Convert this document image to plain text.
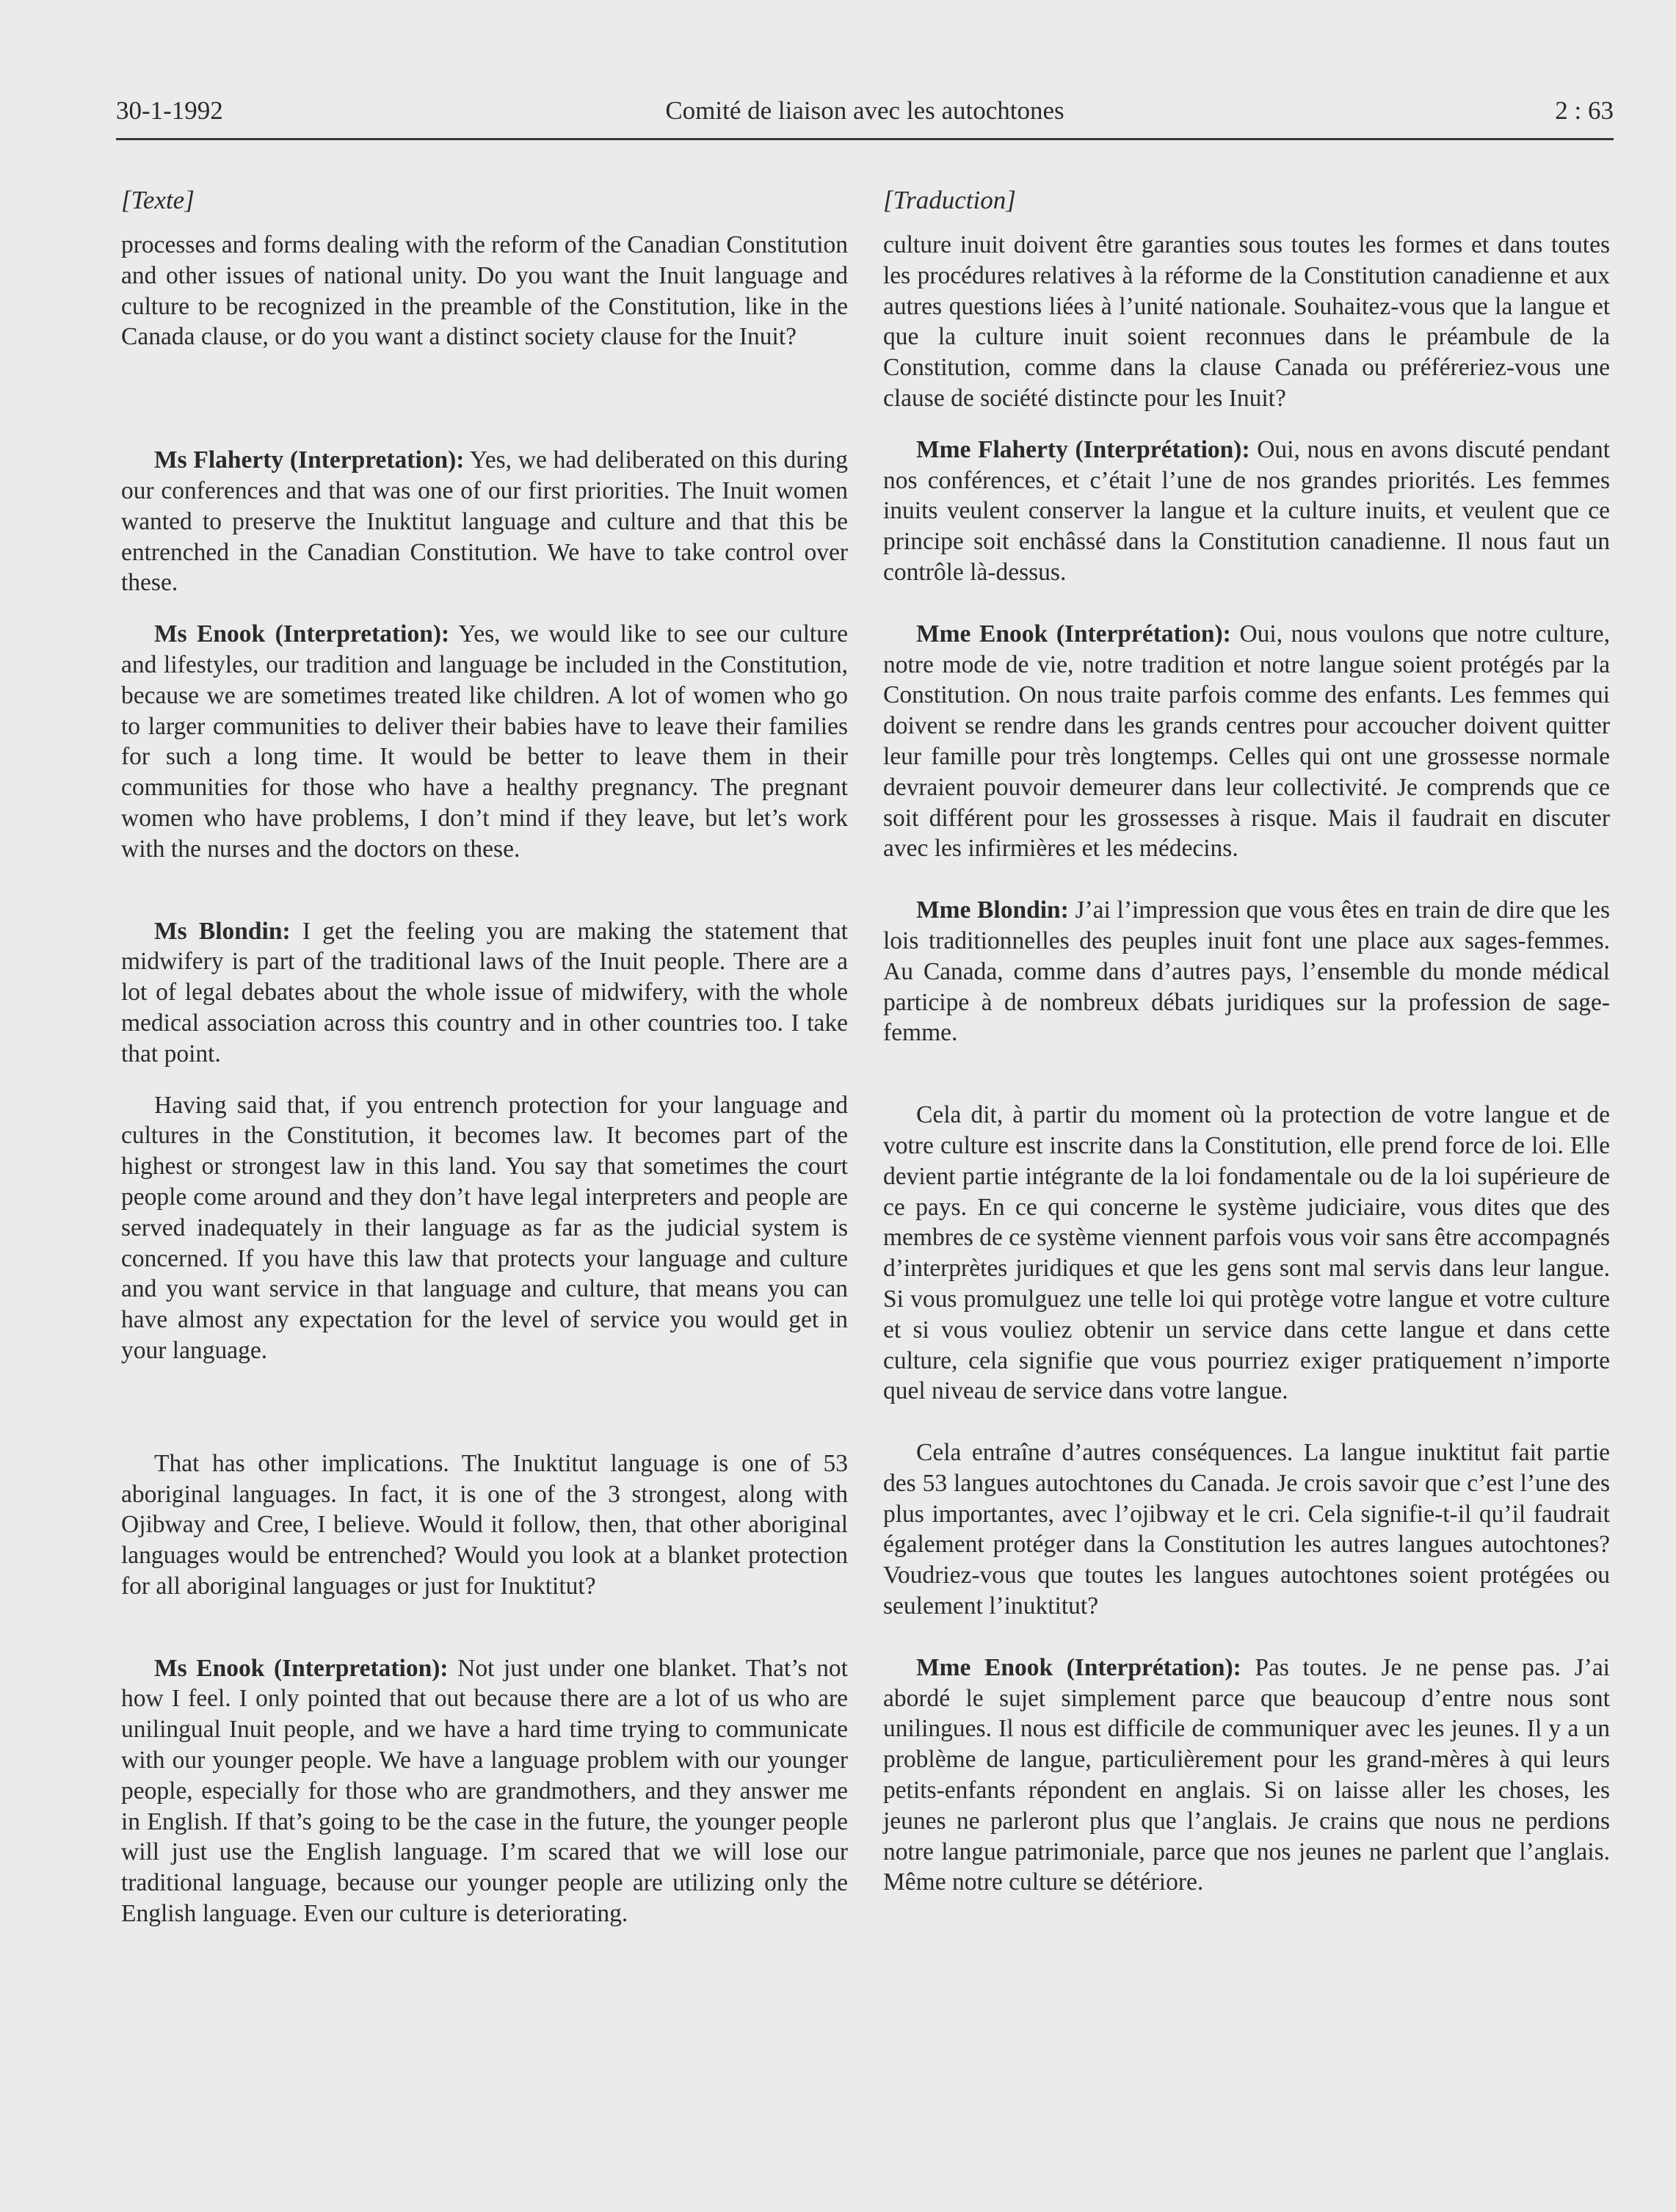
30-1-1992	Comité de liaison avec les autochtones	2 : 63
[Texte]

processes and forms dealing with the reform of the Canadian Constitution and other issues of national unity. Do you want the Inuit language and culture to be recognized in the preamble of the Constitution, like in the Canada clause, or do you want a distinct society clause for the Inuit?

Ms Flaherty (Interpretation): Yes, we had deliberated on this during our conferences and that was one of our first priorities. The Inuit women wanted to preserve the Inuktitut language and culture and that this be entrenched in the Canadian Constitution. We have to take control over these.

Ms Enook (Interpretation): Yes, we would like to see our culture and lifestyles, our tradition and language be included in the Constitution, because we are sometimes treated like children. A lot of women who go to larger communities to deliver their babies have to leave their families for such a long time. It would be better to leave them in their communities for those who have a healthy pregnancy. The pregnant women who have problems, I don’t mind if they leave, but let’s work with the nurses and the doctors on these.

Ms Blondin: I get the feeling you are making the statement that midwifery is part of the traditional laws of the Inuit people. There are a lot of legal debates about the whole issue of midwifery, with the whole medical association across this country and in other countries too. I take that point.

Having said that, if you entrench protection for your language and cultures in the Constitution, it becomes law. It becomes part of the highest or strongest law in this land. You say that sometimes the court people come around and they don’t have legal interpreters and people are served inadequately in their language as far as the judicial system is concerned. If you have this law that protects your language and culture and you want service in that language and culture, that means you can have almost any expectation for the level of service you would get in your language.

That has other implications. The Inuktitut language is one of 53 aboriginal languages. In fact, it is one of the 3 strongest, along with Ojibway and Cree, I believe. Would it follow, then, that other aboriginal languages would be entrenched? Would you look at a blanket protection for all aboriginal languages or just for Inuktitut?

Ms Enook (Interpretation): Not just under one blanket. That’s not how I feel. I only pointed that out because there are a lot of us who are unilingual Inuit people, and we have a hard time trying to communicate with our younger people. We have a language problem with our younger people, especially for those who are grandmothers, and they answer me in English. If that’s going to be the case in the future, the younger people will just use the English language. I’m scared that we will lose our traditional language, because our younger people are utilizing only the English language. Even our culture is deteriorating.

[Traduction]

culture inuit doivent être garanties sous toutes les formes et dans toutes les procédures relatives à la réforme de la Constitution canadienne et aux autres questions liées à l’unité nationale. Souhaitez-vous que la langue et que la culture inuit soient reconnues dans le préambule de la Constitution, comme dans la clause Canada ou préféreriez-vous une clause de société distincte pour les Inuit?

Mme Flaherty (Interprétation): Oui, nous en avons discuté pendant nos conférences, et c’était l’une de nos grandes priorités. Les femmes inuits veulent conserver la langue et la culture inuits, et veulent que ce principe soit enchâssé dans la Constitution canadienne. Il nous faut un contrôle là-dessus.

Mme Enook (Interprétation): Oui, nous voulons que notre culture, notre mode de vie, notre tradition et notre langue soient protégés par la Constitution. On nous traite parfois comme des enfants. Les femmes qui doivent se rendre dans les grands centres pour accoucher doivent quitter leur famille pour très longtemps. Celles qui ont une grossesse normale devraient pouvoir demeurer dans leur collectivité. Je comprends que ce soit différent pour les grossesses à risque. Mais il faudrait en discuter avec les infirmières et les médecins.

Mme Blondin: J’ai l’impression que vous êtes en train de dire que les lois traditionnelles des peuples inuit font une place aux sages-femmes. Au Canada, comme dans d’autres pays, l’ensemble du monde médical participe à de nombreux débats juridiques sur la profession de sage-femme.

Cela dit, à partir du moment où la protection de votre langue et de votre culture est inscrite dans la Constitution, elle prend force de loi. Elle devient partie intégrante de la loi fondamentale ou de la loi supérieure de ce pays. En ce qui concerne le système judiciaire, vous dites que des membres de ce système viennent parfois vous voir sans être accompagnés d’interprètes juridiques et que les gens sont mal servis dans leur langue. Si vous promulguez une telle loi qui protège votre langue et votre culture et si vous vouliez obtenir un service dans cette langue et dans cette culture, cela signifie que vous pourriez exiger pratiquement n’importe quel niveau de service dans votre langue.

Cela entraîne d’autres conséquences. La langue inuktitut fait partie des 53 langues autochtones du Canada. Je crois savoir que c’est l’une des plus importantes, avec l’ojibway et le cri. Cela signifie-t-il qu’il faudrait également protéger dans la Constitution les autres langues autochtones? Voudriez-vous que toutes les langues autochtones soient protégées ou seulement l’inuktitut?

Mme Enook (Interprétation): Pas toutes. Je ne pense pas. J’ai abordé le sujet simplement parce que beaucoup d’entre nous sont unilingues. Il nous est difficile de communiquer avec les jeunes. Il y a un problème de langue, particulièrement pour les grand-mères à qui leurs petits-enfants répondent en anglais. Si on laisse aller les choses, les jeunes ne parleront plus que l’anglais. Je crains que nous ne perdions notre langue patrimoniale, parce que nos jeunes ne parlent que l’anglais. Même notre culture se détériore.
